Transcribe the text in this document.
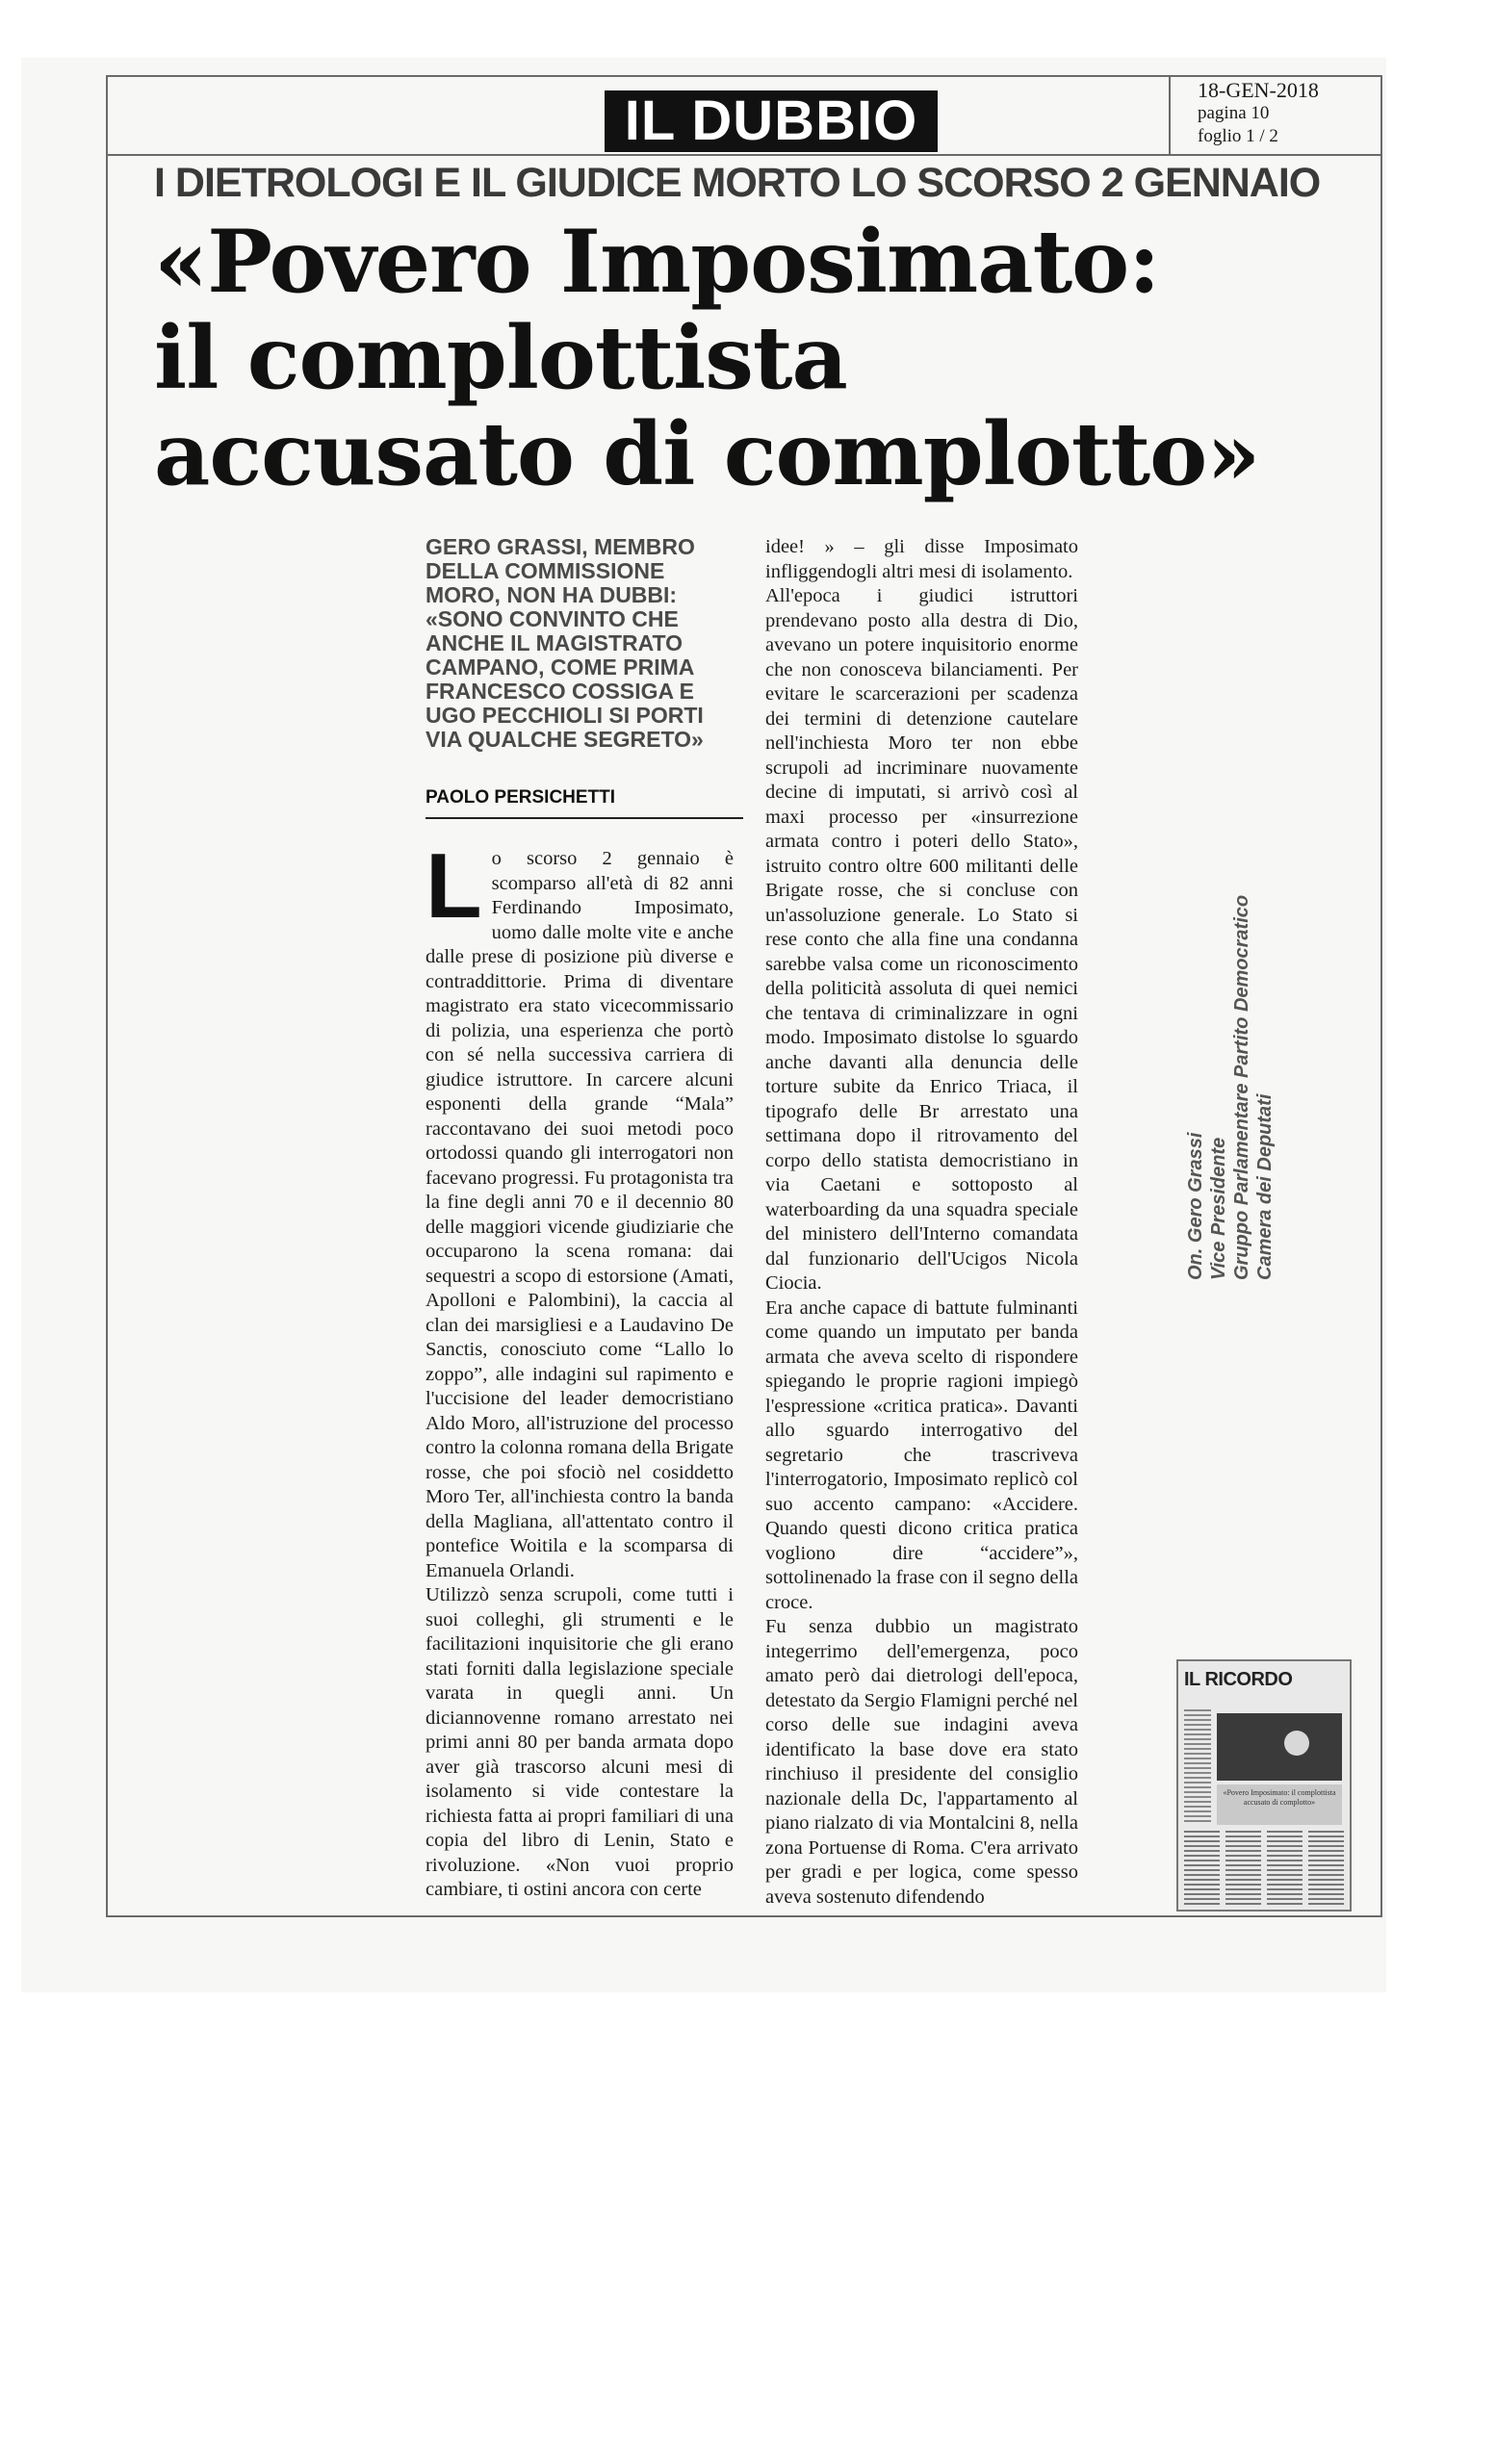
IL DUBBIO	18-GEN-2018
pagina 10
foglio 1 / 2
I DIETROLOGI E IL GIUDICE MORTO LO SCORSO 2 GENNAIO
«Povero Imposimato:
il complottista
accusato di complotto»
GERO GRASSI, MEMBRO DELLA COMMISSIONE MORO, NON HA DUBBI: «SONO CONVINTO CHE ANCHE IL MAGISTRATO CAMPANO, COME PRIMA FRANCESCO COSSIGA E UGO PECCHIOLI SI PORTI VIA QUALCHE SEGRETO»
PAOLO PERSICHETTI

Lo scorso 2 gennaio è scomparso all'età di 82 anni Ferdinando Imposimato, uomo dalle molte vite e anche dalle prese di posizione più diverse e contraddittorie. Prima di diventare magistrato era stato vicecommissario di polizia, una esperienza che portò con sé nella successiva carriera di giudice istruttore. In carcere alcuni esponenti della grande “Mala” raccontavano dei suoi metodi poco ortodossi quando gli interrogatori non facevano progressi. Fu protagonista tra la fine degli anni 70 e il decennio 80 delle maggiori vicende giudiziarie che occuparono la scena romana: dai sequestri a scopo di estorsione (Amati, Apolloni e Palombini), la caccia al clan dei marsigliesi e a Laudavino De Sanctis, conosciuto come “Lallo lo zoppo”, alle indagini sul rapimento e l'uccisione del leader democristiano Aldo Moro, all'istruzione del processo contro la colonna romana della Brigate rosse, che poi sfociò nel cosiddetto Moro Ter, all'inchiesta contro la banda della Magliana, all'attentato contro il pontefice Woitila e la scomparsa di Emanuela Orlandi.

Utilizzò senza scrupoli, come tutti i suoi colleghi, gli strumenti e le facilitazioni inquisitorie che gli erano stati forniti dalla legislazione speciale varata in quegli anni. Un diciannovenne romano arrestato nei primi anni 80 per banda armata dopo aver già trascorso alcuni mesi di isolamento si vide contestare la richiesta fatta ai propri familiari di una copia del libro di Lenin, Stato e rivoluzione. «Non vuoi proprio cambiare, ti ostini ancora con certe

idee! » – gli disse Imposimato infliggendogli altri mesi di isolamento.

All'epoca i giudici istruttori prendevano posto alla destra di Dio, avevano un potere inquisitorio enorme che non conosceva bilanciamenti. Per evitare le scarcerazioni per scadenza dei termini di detenzione cautelare nell'inchiesta Moro ter non ebbe scrupoli ad incriminare nuovamente decine di imputati, si arrivò così al maxi processo per «insurrezione armata contro i poteri dello Stato», istruito contro oltre 600 militanti delle Brigate rosse, che si concluse con un'assoluzione generale. Lo Stato si rese conto che alla fine una condanna sarebbe valsa come un riconoscimento della politicità assoluta di quei nemici che tentava di criminalizzare in ogni modo. Imposimato distolse lo sguardo anche davanti alla denuncia delle torture subite da Enrico Triaca, il tipografo delle Br arrestato una settimana dopo il ritrovamento del corpo dello statista democristiano in via Caetani e sottoposto al waterboarding da una squadra speciale del ministero dell'Interno comandata dal funzionario dell'Ucigos Nicola Ciocia.

Era anche capace di battute fulminanti come quando un imputato per banda armata che aveva scelto di rispondere spiegando le proprie ragioni impiegò l'espressione «critica pratica». Davanti allo sguardo interrogativo del segretario che trascriveva l'interrogatorio, Imposimato replicò col suo accento campano: «Accidere. Quando questi dicono critica pratica vogliono dire “accidere”», sottolinenado la frase con il segno della croce.

Fu senza dubbio un magistrato integerrimo dell'emergenza, poco amato però dai dietrologi dell'epoca, detestato da Sergio Flamigni perché nel corso delle sue indagini aveva identificato la base dove era stato rinchiuso il presidente del consiglio nazionale della Dc, l'appartamento al piano rialzato di via Montalcini 8, nella zona Portuense di Roma. C'era arrivato per gradi e per logica, come spesso aveva sostenuto difendendo

On. Gero Grassi Vice Presidente Gruppo Parlamentare Partito Democratico Camera dei Deputati
IL RICORDO
«Povero Imposimato: il complottista accusato di complotto»
